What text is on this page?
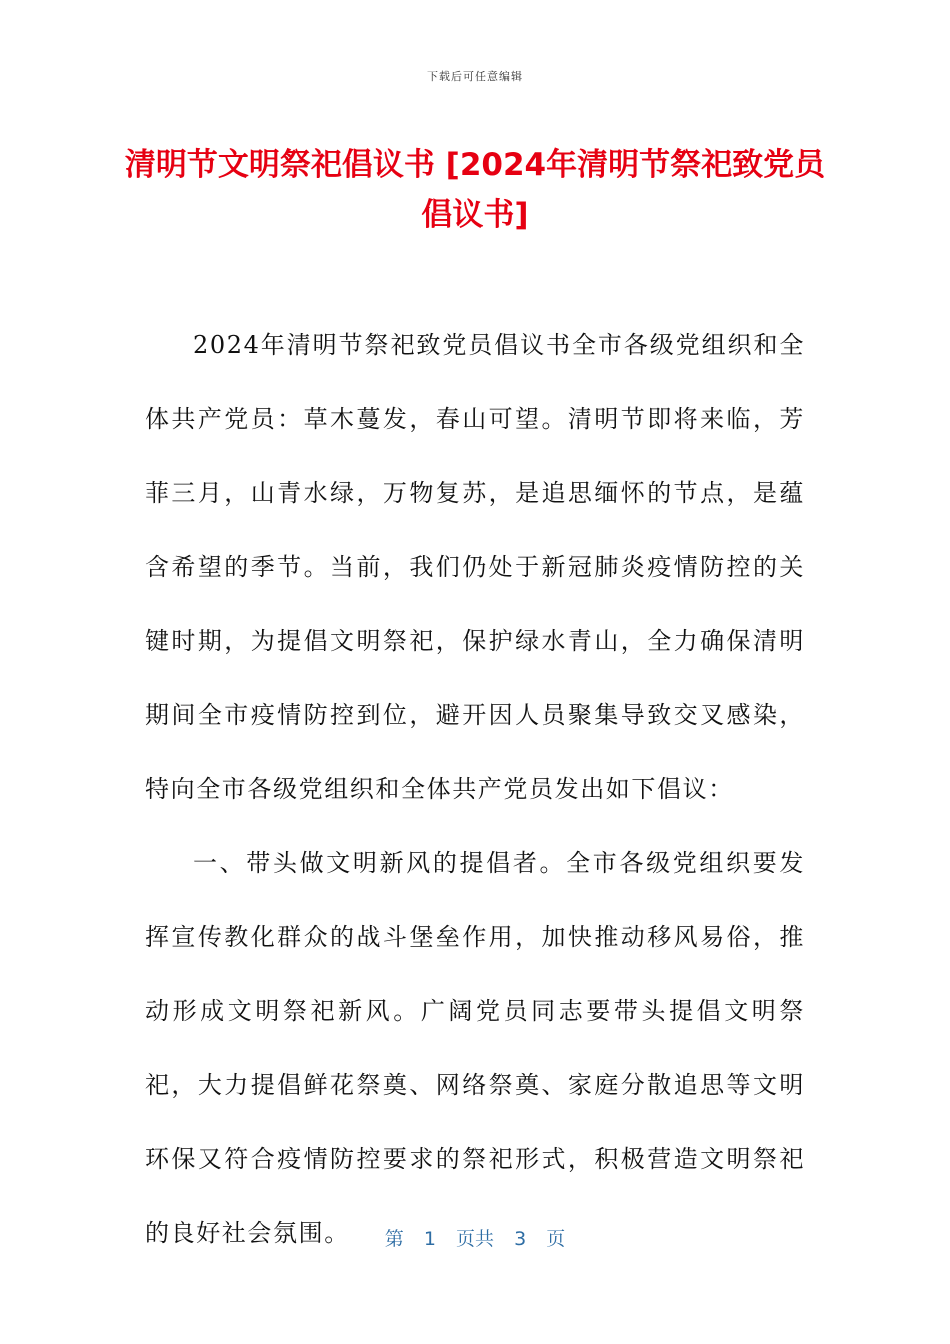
下载后可任意编辑
清明节文明祭祀倡议书 [2024年清明节祭祀致党员倡议书]

2024年清明节祭祀致党员倡议书全市各级党组织和全体共产党员：草木蔓发，春山可望。清明节即将来临，芳菲三月，山青水绿，万物复苏，是追思缅怀的节点，是蕴含希望的季节。当前，我们仍处于新冠肺炎疫情防控的关键时期，为提倡文明祭祀，保护绿水青山，全力确保清明期间全市疫情防控到位，避开因人员聚集导致交叉感染，特向全市各级党组织和全体共产党员发出如下倡议：

一、带头做文明新风的提倡者。全市各级党组织要发挥宣传教化群众的战斗堡垒作用，加快推动移风易俗，推动形成文明祭祀新风。广阔党员同志要带头提倡文明祭祀，大力提倡鲜花祭奠、网络祭奠、家庭分散追思等文明环保又符合疫情防控要求的祭祀形式，积极营造文明祭祀的良好社会氛围。	第  1  页共  3  页
